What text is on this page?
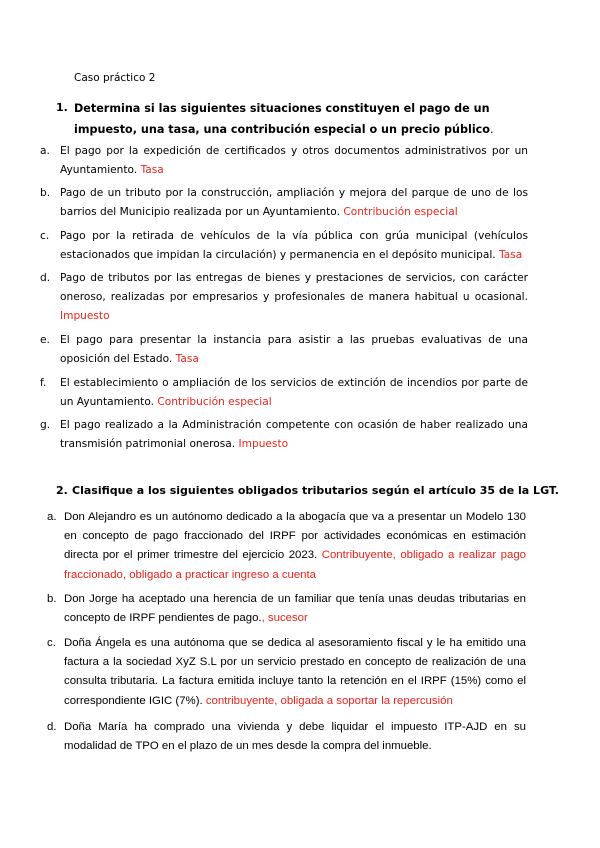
Caso práctico 2
1. Determina si las siguientes situaciones constituyen el pago de un impuesto, una tasa, una contribución especial o un precio público.
a. El pago por la expedición de certificados y otros documentos administrativos por un Ayuntamiento. Tasa
b. Pago de un tributo por la construcción, ampliación y mejora del parque de uno de los barrios del Municipio realizada por un Ayuntamiento. Contribución especial
c. Pago por la retirada de vehículos de la vía pública con grúa municipal (vehículos estacionados que impidan la circulación) y permanencia en el depósito municipal. Tasa
d. Pago de tributos por las entregas de bienes y prestaciones de servicios, con carácter oneroso, realizadas por empresarios y profesionales de manera habitual u ocasional. Impuesto
e. El pago para presentar la instancia para asistir a las pruebas evaluativas de una oposición del Estado. Tasa
f. El establecimiento o ampliación de los servicios de extinción de incendios por parte de un Ayuntamiento. Contribución especial
g. El pago realizado a la Administración competente con ocasión de haber realizado una transmisión patrimonial onerosa. Impuesto
2. Clasifique a los siguientes obligados tributarios según el artículo 35 de la LGT.
a. Don Alejandro es un autónomo dedicado a la abogacía que va a presentar un Modelo 130 en concepto de pago fraccionado del IRPF por actividades económicas en estimación directa por el primer trimestre del ejercicio 2023. Contribuyente, obligado a realizar pago fraccionado, obligado a practicar ingreso a cuenta
b. Don Jorge ha aceptado una herencia de un familiar que tenía unas deudas tributarias en concepto de IRPF pendientes de pago., sucesor
c. Doña Ángela es una autónoma que se dedica al asesoramiento fiscal y le ha emitido una factura a la sociedad XyZ S.L por un servicio prestado en concepto de realización de una consulta tributaria. La factura emitida incluye tanto la retención en el IRPF (15%) como el correspondiente IGIC (7%). contribuyente, obligada a soportar la repercusión
d. Doña María ha comprado una vivienda y debe liquidar el impuesto ITP-AJD en su modalidad de TPO en el plazo de un mes desde la compra del inmueble.
